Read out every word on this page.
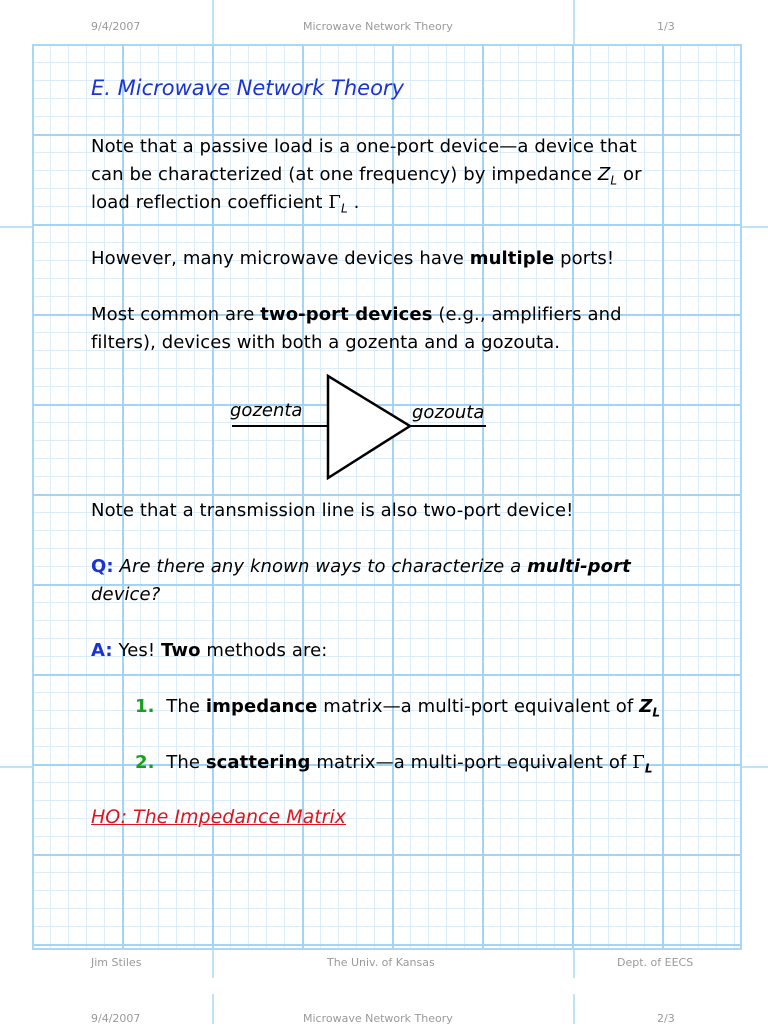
9/4/2007	Microwave Network Theory	1/3
E. Microwave Network Theory
Note that a passive load is a one-port device—a device that
can be characterized (at one frequency) by impedance $Z_L$ or
load reflection coefficient $\Gamma_L$ .
However, many microwave devices have multiple ports!
Most common are two-port devices (e.g., amplifiers and
filters), devices with both a gozenta and a gozouta.
gozenta	gozouta
Note that a transmission line is also two-port device!
Q: Are there any known ways to characterize a multi-port
device?
A: Yes! Two methods are:
1. The impedance matrix—a multi-port equivalent of $Z_L$
2. The scattering matrix—a multi-port equivalent of $\Gamma_L$
HO: The Impedance Matrix
Jim Stiles	The Univ. of Kansas	Dept. of EECS
9/4/2007	Microwave Network Theory	2/3
